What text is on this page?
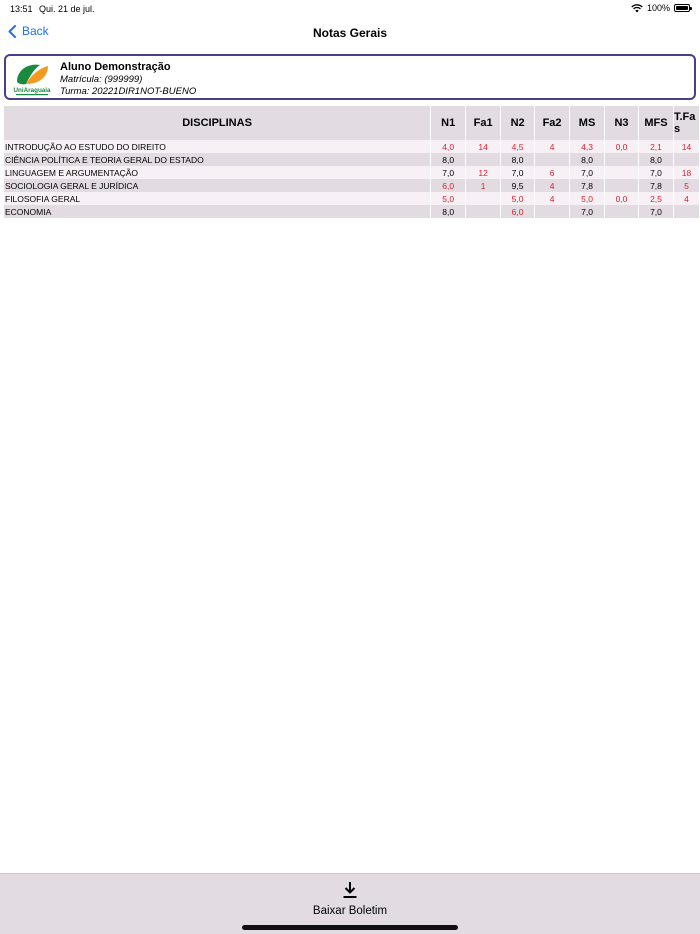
13:51 Qui. 21 de jul.	100%
Back	Notas Gerais
UniAraguaia
Aluno Demonstração
Matrícula: (999999)
Turma: 20221DIR1NOT-BUENO
DISCIPLINAS	N1	Fa1	N2	Fa2	MS	N3	MFS	T.Fa s
INTRODUÇÃO AO ESTUDO DO DIREITO	4,0	14	4,5	4	4,3	0,0	2,1	14
CIÊNCIA POLÍTICA E TEORIA GERAL DO ESTADO	8,0		8,0		8,0		8,0	
LINGUAGEM E ARGUMENTAÇÃO	7,0	12	7,0	6	7,0		7,0	18
SOCIOLOGIA GERAL E JURÍDICA	6,0	1	9,5	4	7,8		7,8	5
FILOSOFIA GERAL	5,0		5,0	4	5,0	0,0	2,5	4
ECONOMIA	8,0		6,0		7,0		7,0	
Baixar Boletim
